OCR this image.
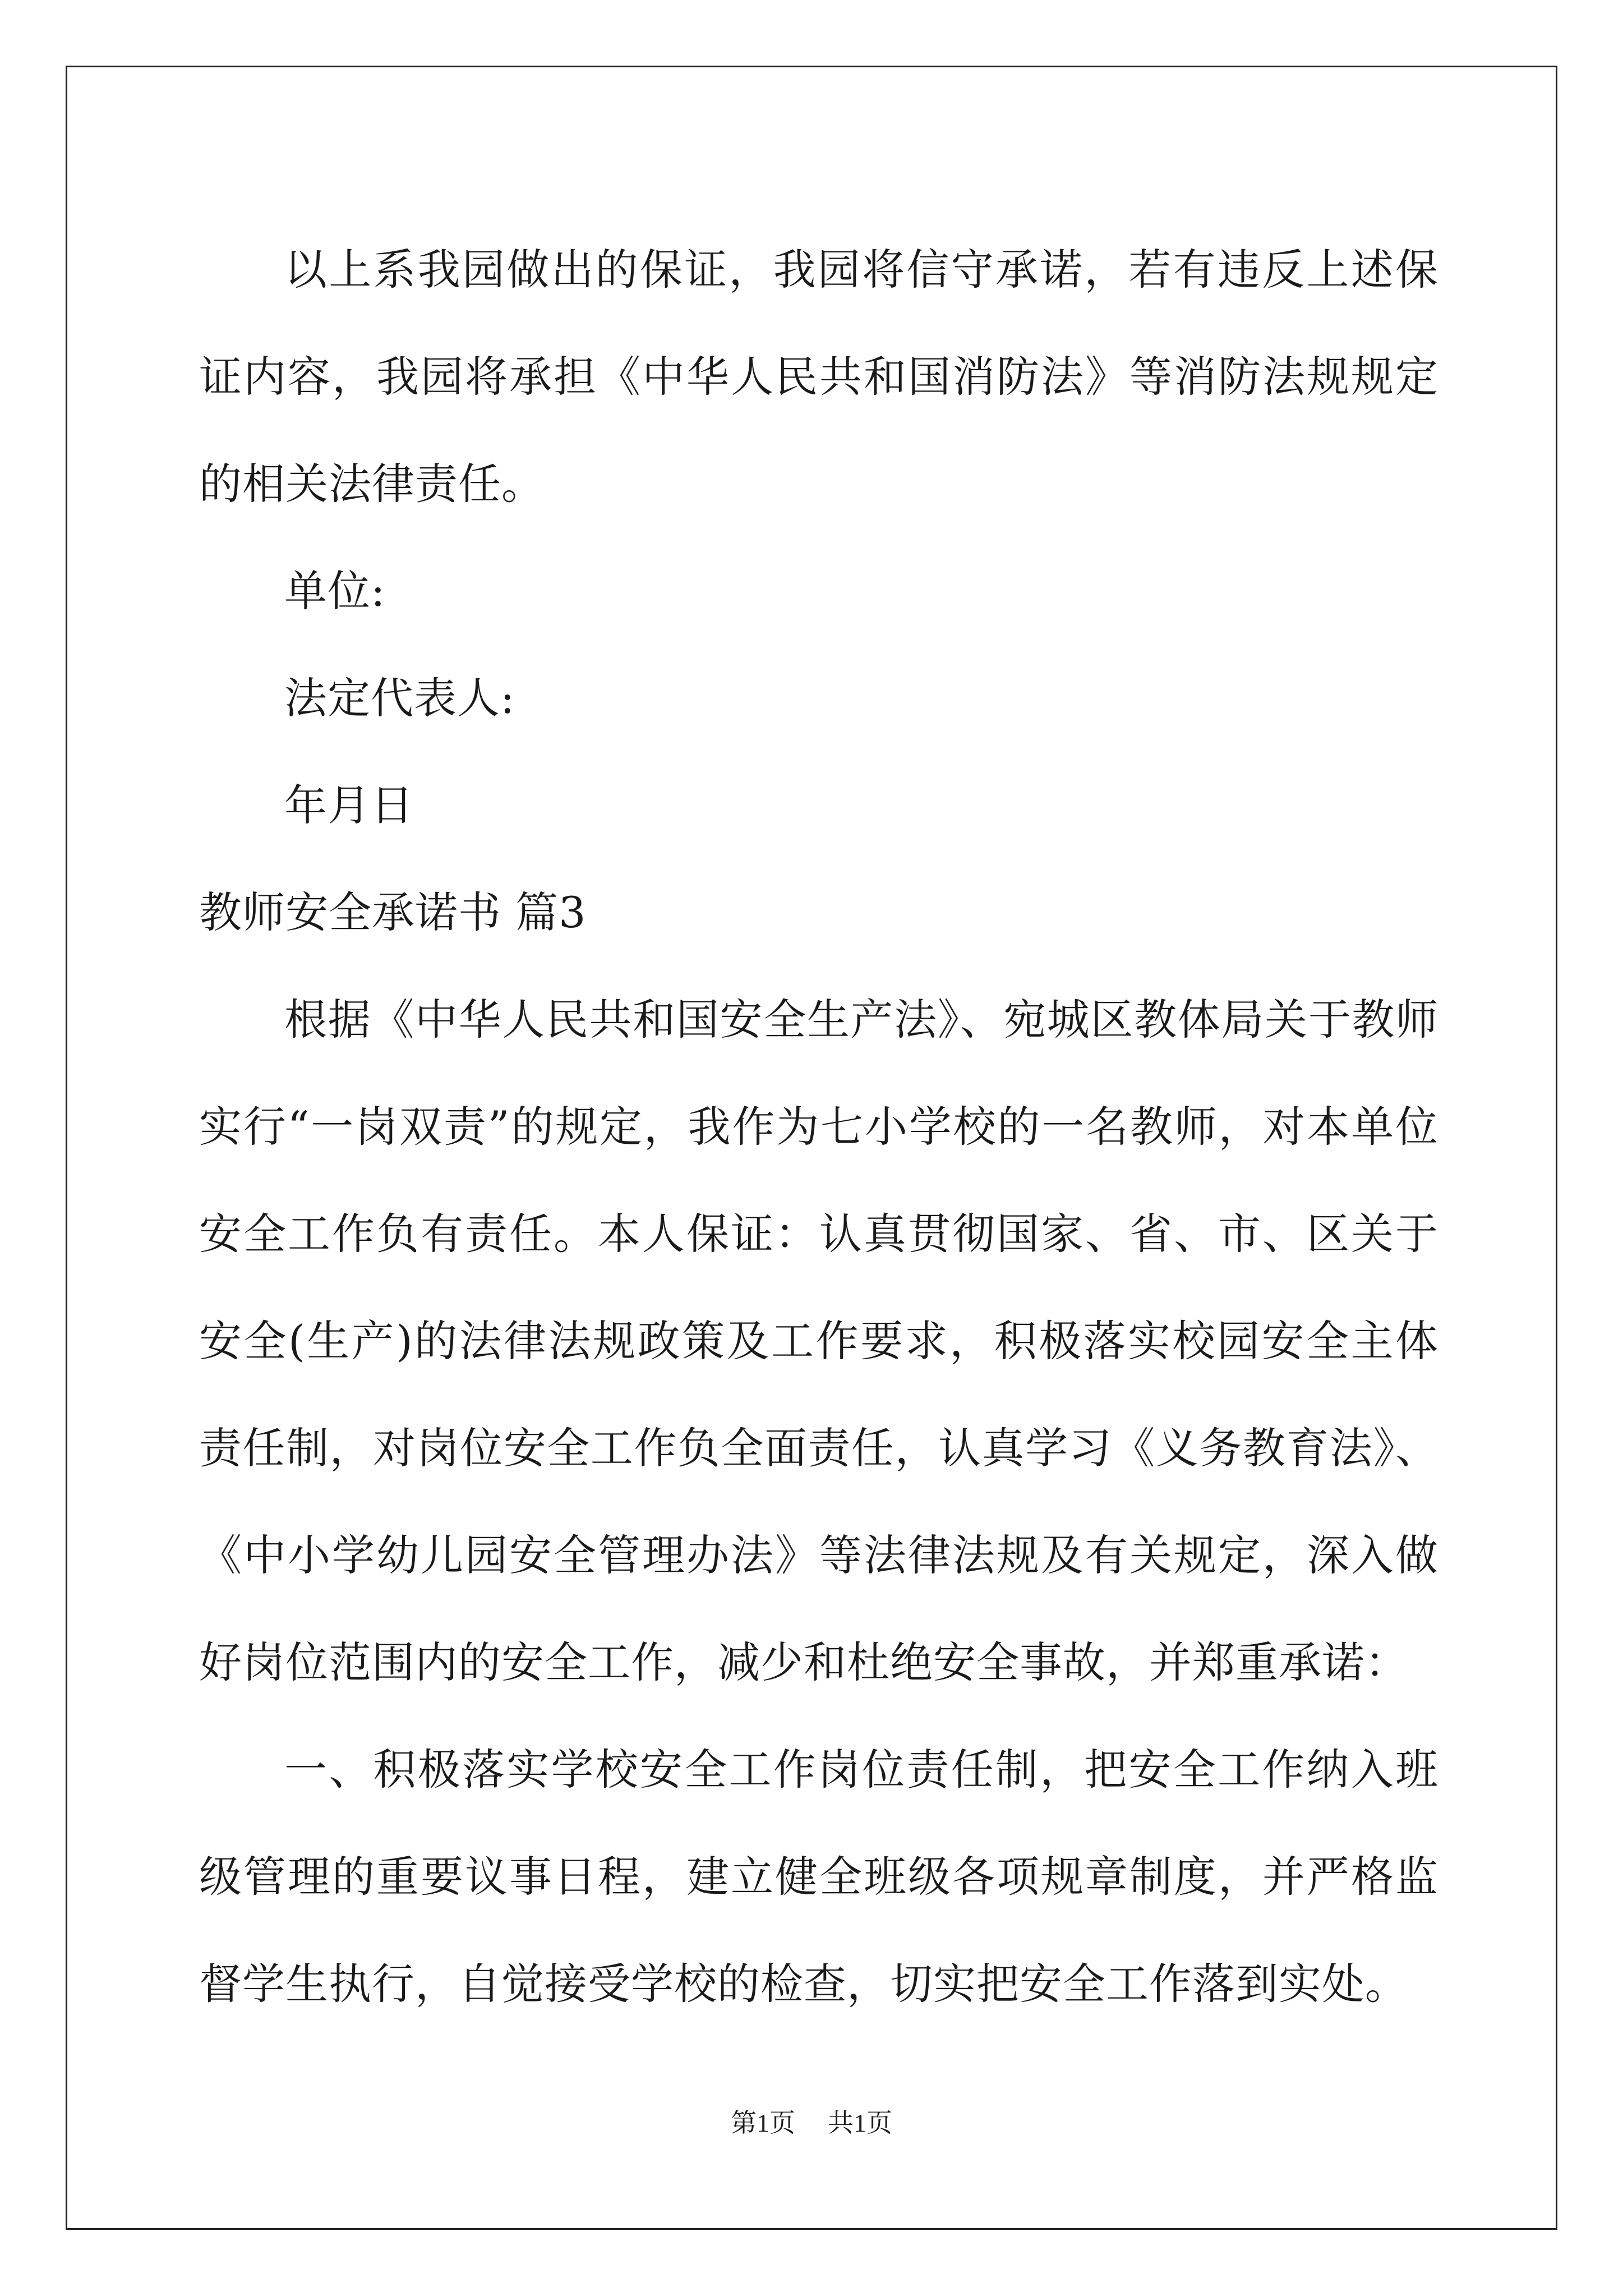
以上系我园做出的保证，我园将信守承诺，若有违反上述保证内容，我园将承担《中华人民共和国消防法》等消防法规规定的相关法律责任。

单位:

法定代表人:

年月日

教师安全承诺书 篇3

根据《中华人民共和国安全生产法》、宛城区教体局关于教师实行“一岗双责”的规定，我作为七小学校的一名教师，对本单位安全工作负有责任。本人保证：认真贯彻国家、省、市、区关于安全(生产)的法律法规政策及工作要求，积极落实校园安全主体责任制，对岗位安全工作负全面责任，认真学习《义务教育法》、《中小学幼儿园安全管理办法》等法律法规及有关规定，深入做好岗位范围内的安全工作，减少和杜绝安全事故，并郑重承诺：

一、积极落实学校安全工作岗位责任制，把安全工作纳入班级管理的重要议事日程，建立健全班级各项规章制度，并严格监督学生执行，自觉接受学校的检查，切实把安全工作落到实处。

第1页 共1页
